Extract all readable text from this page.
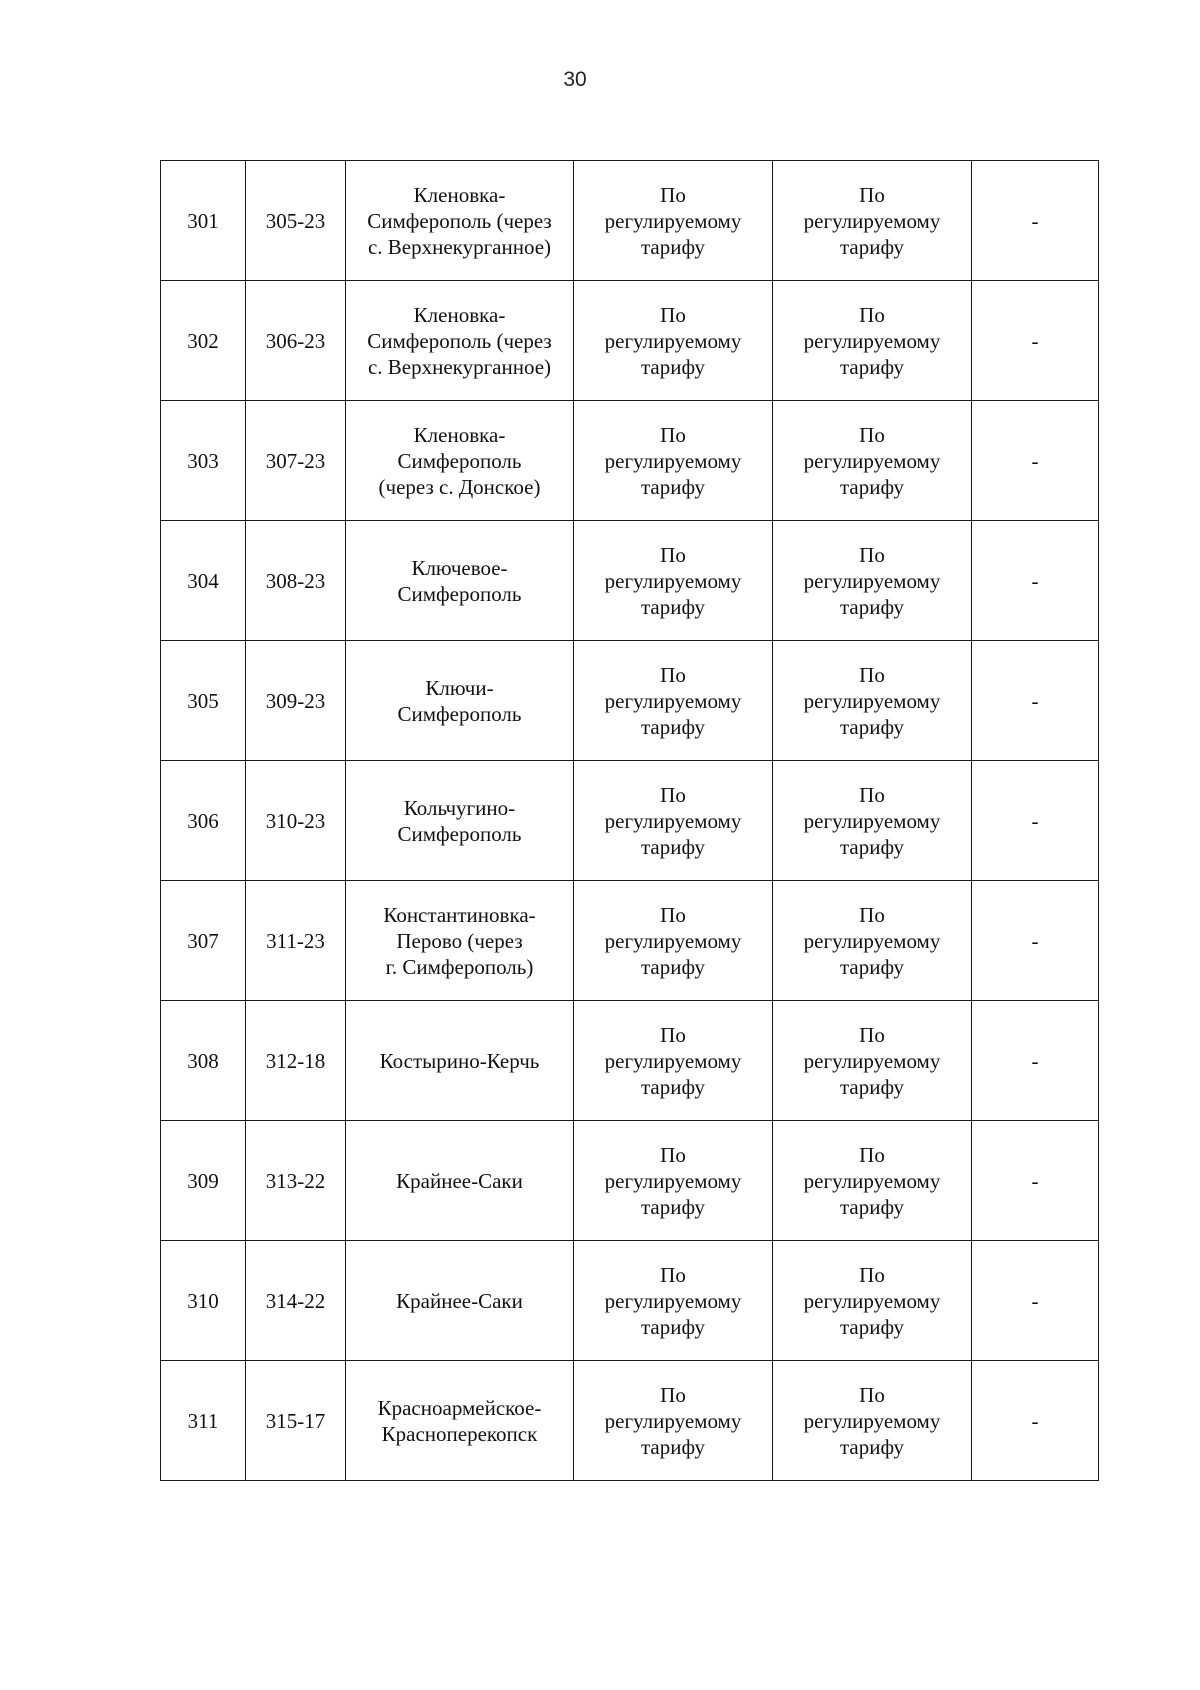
30
301	305-23	Кленовка-
Симферополь (через
с. Верхнекурганное)	По
регулируемому
тарифу	По
регулируемому
тарифу	-
302	306-23	Кленовка-
Симферополь (через
с. Верхнекурганное)	По
регулируемому
тарифу	По
регулируемому
тарифу	-
303	307-23	Кленовка-
Симферополь
(через с. Донское)	По
регулируемому
тарифу	По
регулируемому
тарифу	-
304	308-23	Ключевое-
Симферополь	По
регулируемому
тарифу	По
регулируемому
тарифу	-
305	309-23	Ключи-
Симферополь	По
регулируемому
тарифу	По
регулируемому
тарифу	-
306	310-23	Кольчугино-
Симферополь	По
регулируемому
тарифу	По
регулируемому
тарифу	-
307	311-23	Константиновка-
Перово (через
г. Симферополь)	По
регулируемому
тарифу	По
регулируемому
тарифу	-
308	312-18	Костырино-Керчь	По
регулируемому
тарифу	По
регулируемому
тарифу	-
309	313-22	Крайнее-Саки	По
регулируемому
тарифу	По
регулируемому
тарифу	-
310	314-22	Крайнее-Саки	По
регулируемому
тарифу	По
регулируемому
тарифу	-
311	315-17	Красноармейское-
Красноперекопск	По
регулируемому
тарифу	По
регулируемому
тарифу	-
